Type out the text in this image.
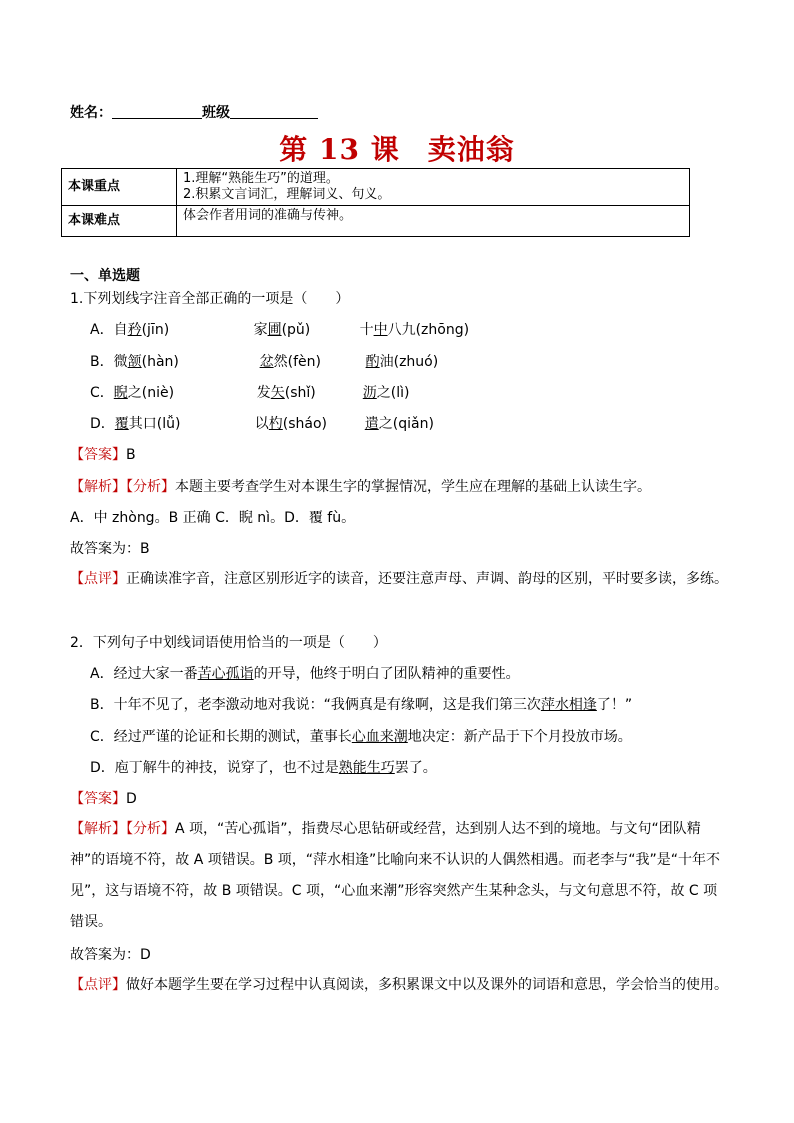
姓名：	班级
第 13 课 卖油翁
本课重点	1.理解“熟能生巧”的道理。
2.积累文言词汇，理解词义、句义。

本课难点	体会作者用词的准确与传神。
一、单选题
1.下列划线字注音全部正确的一项是（　　）
A．自矜(jīn)	家圃(pǔ)	十中八九(zhōng)
B．微颔(hàn)	忿然(fèn)	酌油(zhuó)
C．睨之(niè)	发矢(shǐ)	沥之(lì)
D．覆其口(lǚ)	以杓(sháo)	遣之(qiǎn)
【答案】B
【解析】【分析】本题主要考查学生对本课生字的掌握情况，学生应在理解的基础上认读生字。
A．中 zhòng。B 正确 C．睨 nì。D．覆 fù。
故答案为：B
【点评】正确读准字音，注意区别形近字的读音，还要注意声母、声调、韵母的区别，平时要多读，多练。
2．下列句子中划线词语使用恰当的一项是（　　）
A．经过大家一番苦心孤诣的开导，他终于明白了团队精神的重要性。
B．十年不见了，老李激动地对我说：“我俩真是有缘啊，这是我们第三次萍水相逢了！”
C．经过严谨的论证和长期的测试，董事长心血来潮地决定：新产品于下个月投放市场。
D．庖丁解牛的神技，说穿了，也不过是熟能生巧罢了。
【答案】D
【解析】【分析】A 项，“苦心孤诣”，指费尽心思钻研或经营，达到别人达不到的境地。与文句“团队精神”的语境不符，故 A 项错误。B 项，“萍水相逢”比喻向来不认识的人偶然相遇。而老李与“我”是“十年不见”，这与语境不符，故 B 项错误。C 项，“心血来潮”形容突然产生某种念头，与文句意思不符，故 C 项错误。
故答案为：D
【点评】做好本题学生要在学习过程中认真阅读，多积累课文中以及课外的词语和意思，学会恰当的使用。
